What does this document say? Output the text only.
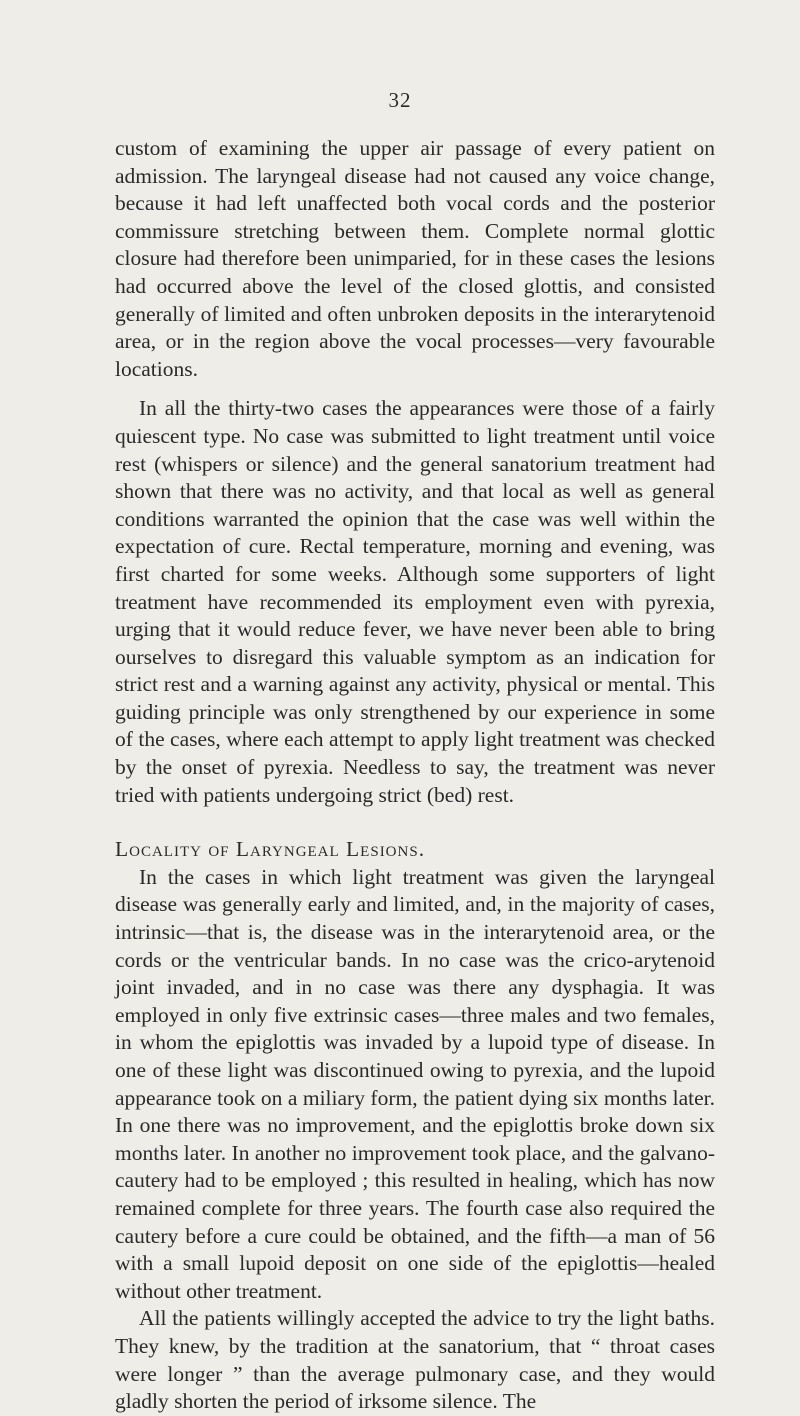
32

custom of examining the upper air passage of every patient on admission. The laryngeal disease had not caused any voice change, because it had left unaffected both vocal cords and the posterior commissure stretching between them. Complete normal glottic closure had therefore been unimparied, for in these cases the lesions had occurred above the level of the closed glottis, and consisted generally of limited and often unbroken deposits in the interarytenoid area, or in the region above the vocal processes—very favourable locations.

In all the thirty-two cases the appearances were those of a fairly quiescent type. No case was submitted to light treatment until voice rest (whispers or silence) and the general sanatorium treatment had shown that there was no activity, and that local as well as general conditions warranted the opinion that the case was well within the expectation of cure. Rectal temperature, morning and evening, was first charted for some weeks. Although some supporters of light treatment have recommended its employment even with pyrexia, urging that it would reduce fever, we have never been able to bring ourselves to disregard this valuable symptom as an indication for strict rest and a warning against any activity, physical or mental. This guiding principle was only strengthened by our experience in some of the cases, where each attempt to apply light treatment was checked by the onset of pyrexia. Needless to say, the treatment was never tried with patients undergoing strict (bed) rest.

Locality of Laryngeal Lesions.

In the cases in which light treatment was given the laryngeal disease was generally early and limited, and, in the majority of cases, intrinsic—that is, the disease was in the interarytenoid area, or the cords or the ventricular bands. In no case was the crico-arytenoid joint invaded, and in no case was there any dysphagia. It was employed in only five extrinsic cases—three males and two females, in whom the epiglottis was invaded by a lupoid type of disease. In one of these light was discontinued owing to pyrexia, and the lupoid appearance took on a miliary form, the patient dying six months later. In one there was no improvement, and the epiglottis broke down six months later. In another no improvement took place, and the galvano-cautery had to be employed ; this resulted in healing, which has now remained complete for three years. The fourth case also required the cautery before a cure could be obtained, and the fifth—a man of 56 with a small lupoid deposit on one side of the epiglottis—healed without other treatment.

All the patients willingly accepted the advice to try the light baths. They knew, by the tradition at the sanatorium, that “ throat cases were longer ” than the average pulmonary case, and they would gladly shorten the period of irksome silence. The
